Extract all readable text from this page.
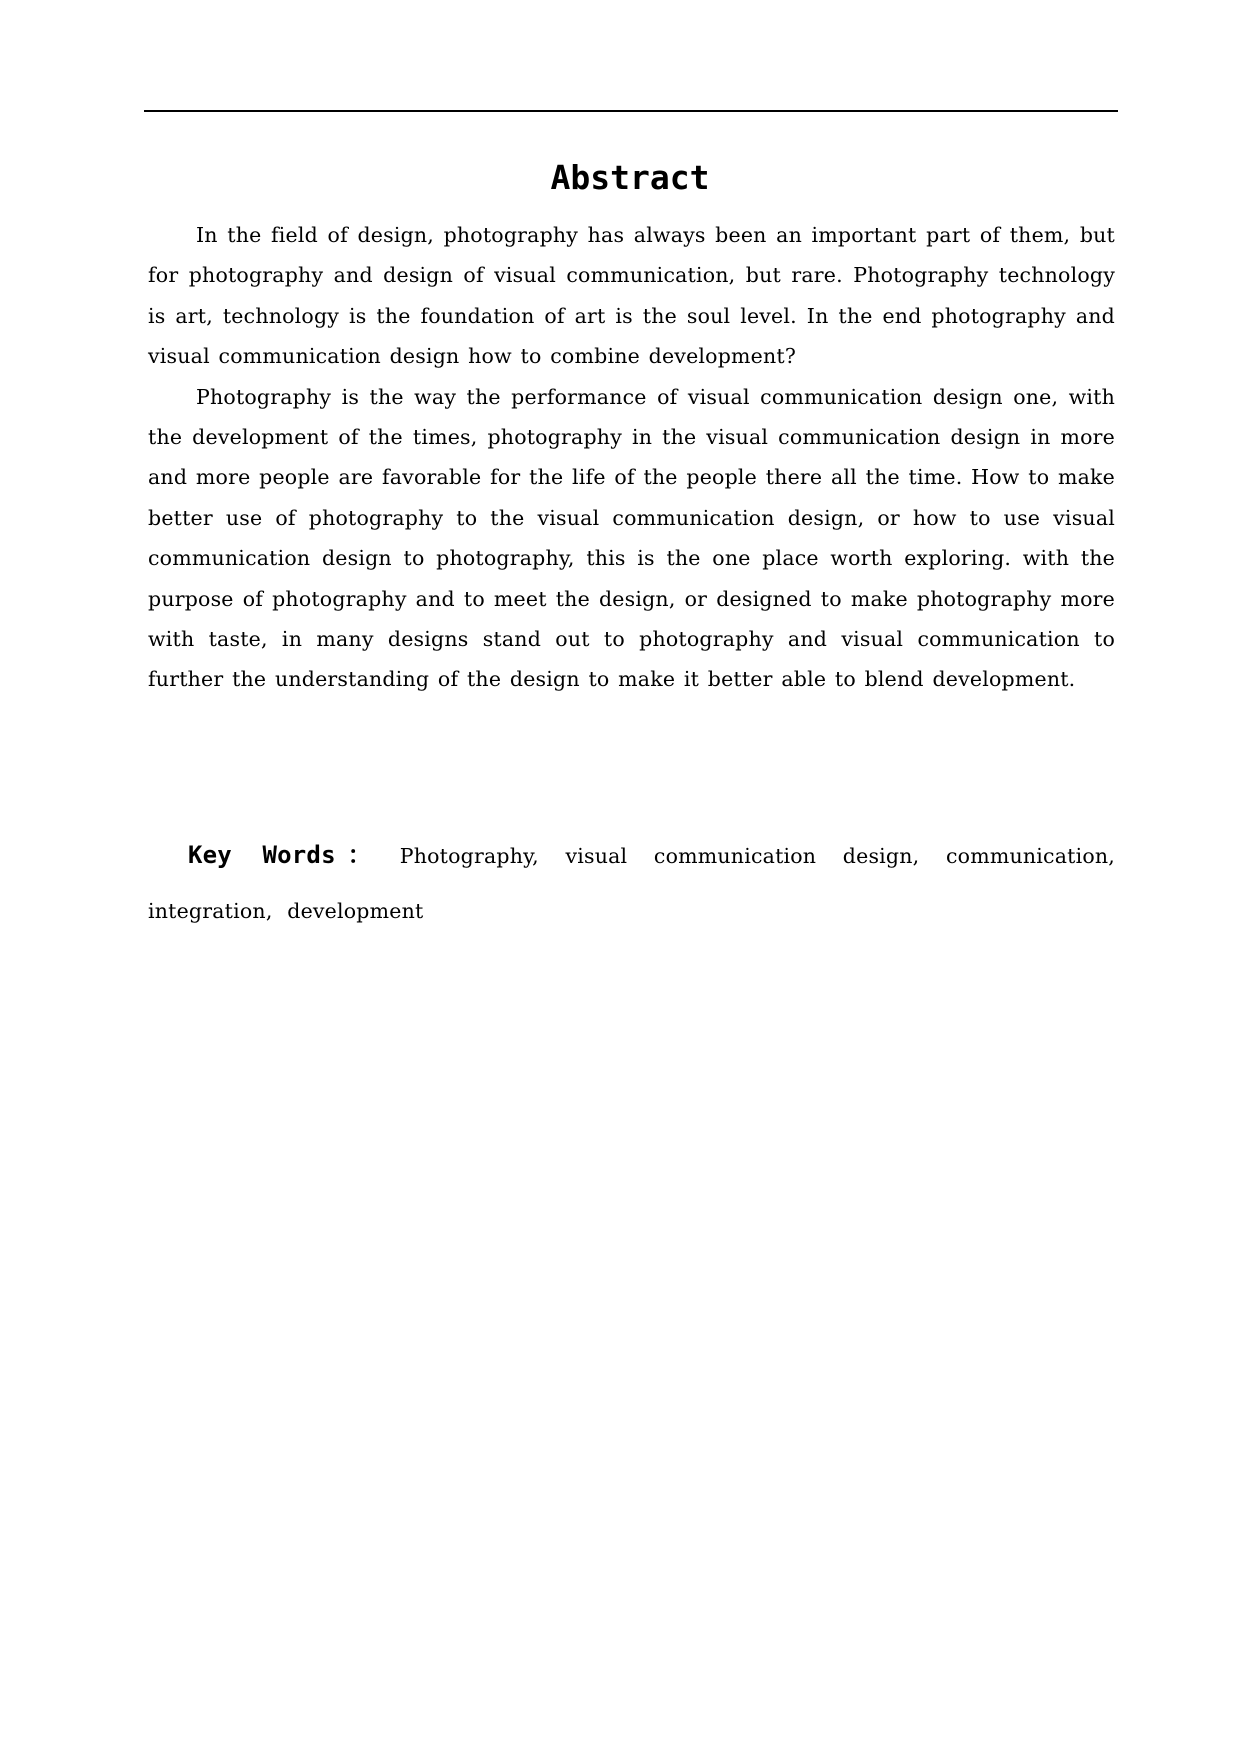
Abstract

In the field of design, photography has always been an important part of them, but for photography and design of visual communication, but rare. Photography technology is art, technology is the foundation of art is the soul level. In the end photography and visual communication design how to combine development?

Photography is the way the performance of visual communication design one, with the development of the times, photography in the visual communication design in more and more people are favorable for the life of the people there all the time. How to make better use of photography to the visual communication design, or how to use visual communication design to photography, this is the one place worth exploring. with the purpose of photography and to meet the design, or designed to make photography more with taste, in many designs stand out to photography and visual communication to further the understanding of the design to make it better able to blend development.

Key Words： Photography, visual communication design, communication, integration, development
